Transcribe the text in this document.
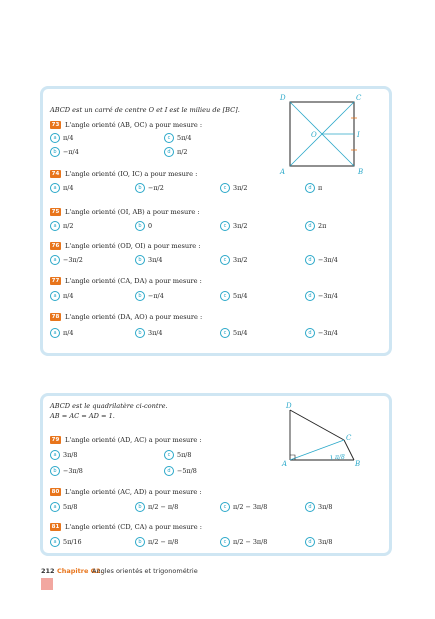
ABCD est un carré de centre O et I est le milieu de [BC].
73 L'angle orienté (AB, OC) a pour mesure :
a	π/4	c	5π/4
b	−π/4	d	π/2
74 L'angle orienté (IO, IC) a pour mesure :
a	π/4	b	−π/2	c	3π/2	d	π
75 L'angle orienté (OI, AB) a pour mesure :
a	π/2	b	0	c	3π/2	d	2π
76 L'angle orienté (OD, OI) a pour mesure :
a	−3π/2	b	3π/4	c	3π/2	d	−3π/4
77 L'angle orienté (CA, DA) a pour mesure :
a	π/4	b	−π/4	c	5π/4	d	−3π/4
78 L'angle orienté (DA, AO) a pour mesure :
a	π/4	b	3π/4	c	5π/4	d	−3π/4
D	C
A	B
O	I
ABCD est le quadrilatère ci-contre.
AB = AC = AD = 1.
79 L'angle orienté (AD, AC) a pour mesure :
a	3π/8	c	5π/8
b	−3π/8	d	−5π/8
80 L'angle orienté (AC, AD) a pour mesure :
a	5π/8	b	π/2 − π/8	c	π/2 − 3π/8	d	3π/8
81 L'angle orienté (CD, CA) a pour mesure :
a	5π/16	b	π/2 − π/8	c	π/2 − 3π/8	d	3π/8
D
C
A	B
π/8
212 Chapitre G2.
Angles orientés et trigonométrie
